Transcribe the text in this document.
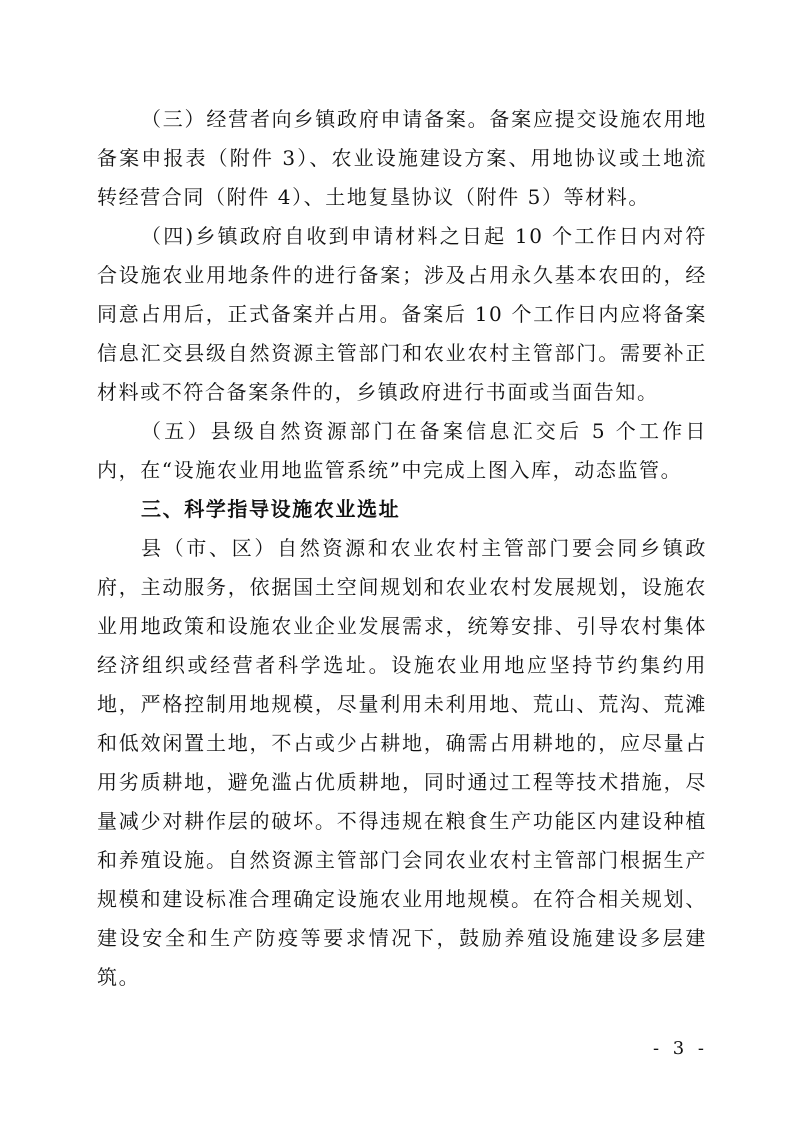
（三）经营者向乡镇政府申请备案。备案应提交设施农用地备案申报表（附件 3）、农业设施建设方案、用地协议或土地流转经营合同（附件 4）、土地复垦协议（附件 5）等材料。

（四)乡镇政府自收到申请材料之日起 10 个工作日内对符合设施农业用地条件的进行备案；涉及占用永久基本农田的，经同意占用后，正式备案并占用。备案后 10 个工作日内应将备案信息汇交县级自然资源主管部门和农业农村主管部门。需要补正材料或不符合备案条件的，乡镇政府进行书面或当面告知。

（五）县级自然资源部门在备案信息汇交后 5 个工作日内，在“设施农业用地监管系统”中完成上图入库，动态监管。

三、科学指导设施农业选址

县（市、区）自然资源和农业农村主管部门要会同乡镇政府，主动服务，依据国土空间规划和农业农村发展规划，设施农业用地政策和设施农业企业发展需求，统筹安排、引导农村集体经济组织或经营者科学选址。设施农业用地应坚持节约集约用地，严格控制用地规模，尽量利用未利用地、荒山、荒沟、荒滩和低效闲置土地，不占或少占耕地，确需占用耕地的，应尽量占用劣质耕地，避免滥占优质耕地，同时通过工程等技术措施，尽量减少对耕作层的破坏。不得违规在粮食生产功能区内建设种植和养殖设施。自然资源主管部门会同农业农村主管部门根据生产规模和建设标准合理确定设施农业用地规模。在符合相关规划、建设安全和生产防疫等要求情况下，鼓励养殖设施建设多层建筑。

- 3 -
